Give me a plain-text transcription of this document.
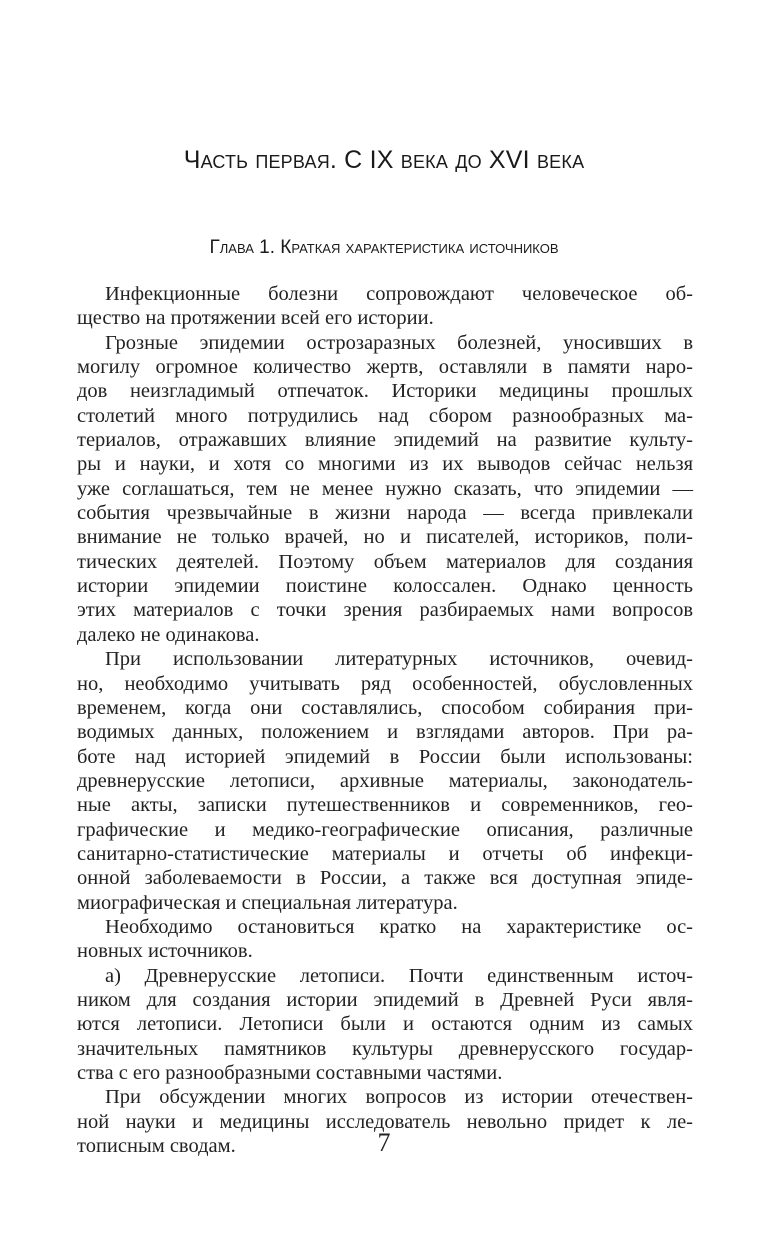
Часть первая. С IX века до XVI века
Глава 1. Краткая характеристика источников
Инфекционные болезни сопровождают человеческое об-
щество на протяжении всей его истории.
Грозные эпидемии острозаразных болезней, уносивших в
могилу огромное количество жертв, оставляли в памяти наро-
дов неизгладимый отпечаток. Историки медицины прошлых
столетий много потрудились над сбором разнообразных ма-
териалов, отражавших влияние эпидемий на развитие культу-
ры и науки, и хотя со многими из их выводов сейчас нельзя
уже соглашаться, тем не менее нужно сказать, что эпидемии —
события чрезвычайные в жизни народа — всегда привлекали
внимание не только врачей, но и писателей, историков, поли-
тических деятелей. Поэтому объем материалов для создания
истории эпидемии поистине колоссален. Однако ценность
этих материалов с точки зрения разбираемых нами вопросов
далеко не одинакова.
При использовании литературных источников, очевид-
но, необходимо учитывать ряд особенностей, обусловленных
временем, когда они составлялись, способом собирания при-
водимых данных, положением и взглядами авторов. При ра-
боте над историей эпидемий в России были использованы:
древнерусские летописи, архивные материалы, законодатель-
ные акты, записки путешественников и современников, гео-
графические и медико-географические описания, различные
санитарно-статистические материалы и отчеты об инфекци-
онной заболеваемости в России, а также вся доступная эпиде-
миографическая и специальная литература.
Необходимо остановиться кратко на характеристике ос-
новных источников.
а) Древнерусские летописи. Почти единственным источ-
ником для создания истории эпидемий в Древней Руси явля-
ются летописи. Летописи были и остаются одним из самых
значительных памятников культуры древнерусского государ-
ства с его разнообразными составными частями.
При обсуждении многих вопросов из истории отечествен-
ной науки и медицины исследователь невольно придет к ле-
тописным сводам.	7
